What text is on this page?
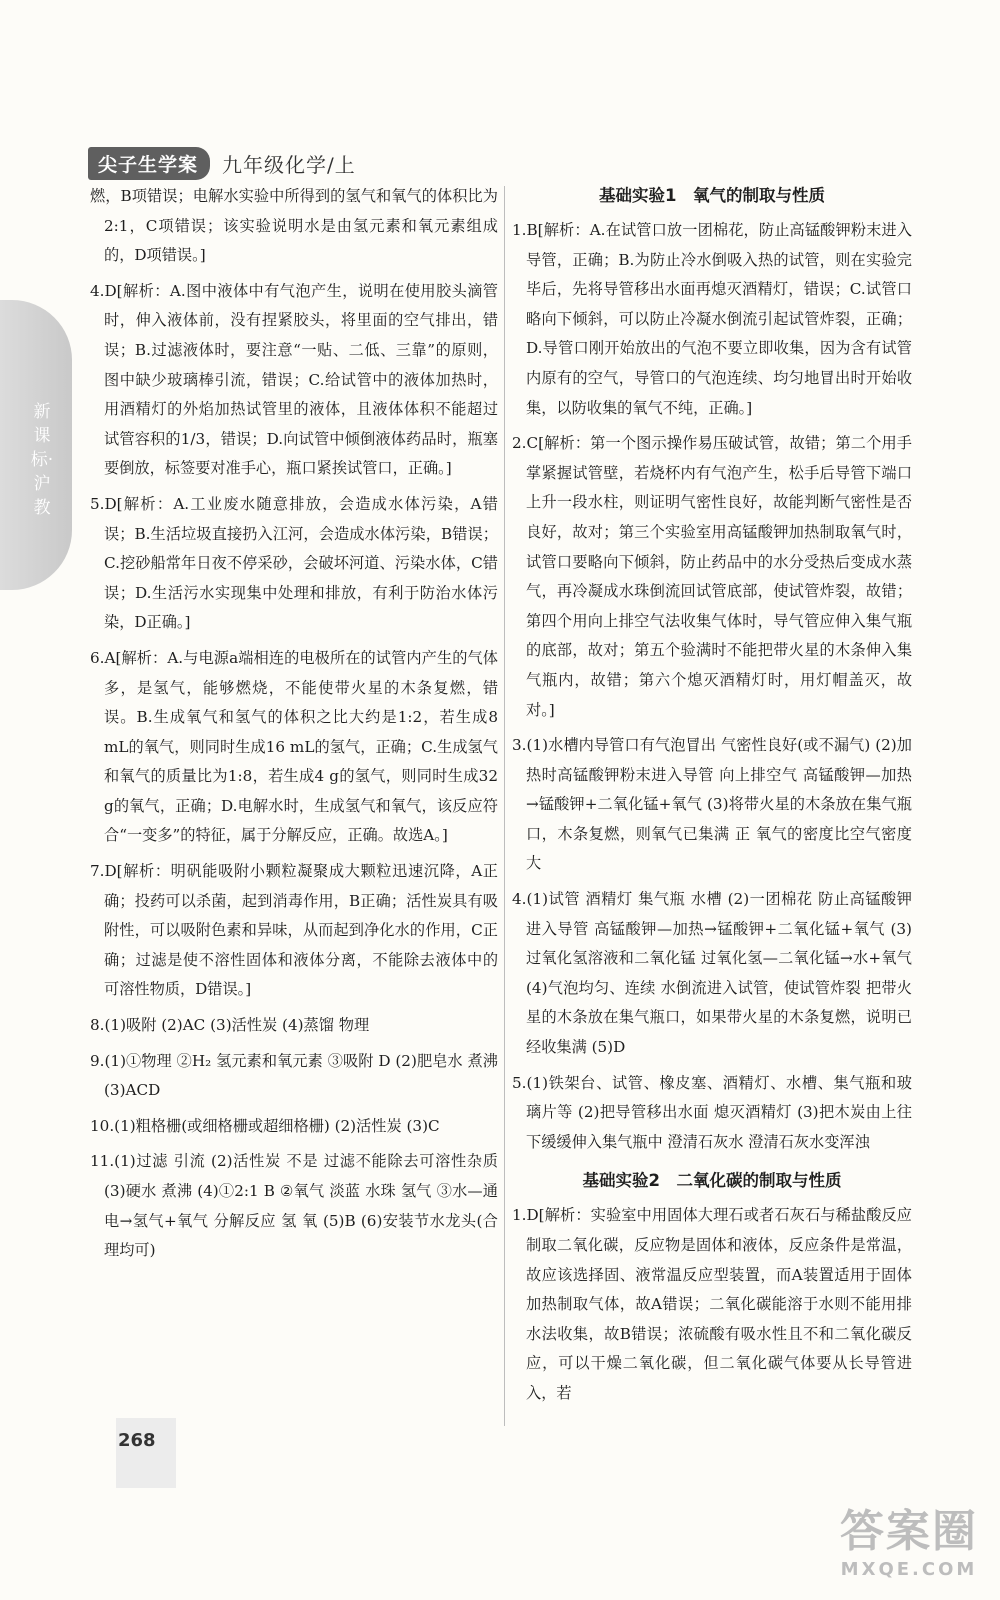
尖子生学案	九年级化学/上
新课标·沪教

燃，B项错误；电解水实验中所得到的氢气和氧气的体积比为2:1，C项错误；该实验说明水是由氢元素和氧元素组成的，D项错误。]

4.D[解析：A.图中液体中有气泡产生，说明在使用胶头滴管时，伸入液体前，没有捏紧胶头，将里面的空气排出，错误；B.过滤液体时，要注意“一贴、二低、三靠”的原则，图中缺少玻璃棒引流，错误；C.给试管中的液体加热时，用酒精灯的外焰加热试管里的液体，且液体体积不能超过试管容积的1/3，错误；D.向试管中倾倒液体药品时，瓶塞要倒放，标签要对准手心，瓶口紧挨试管口，正确。]

5.D[解析：A.工业废水随意排放，会造成水体污染，A错误；B.生活垃圾直接扔入江河，会造成水体污染，B错误；C.挖砂船常年日夜不停采砂，会破坏河道、污染水体，C错误；D.生活污水实现集中处理和排放，有利于防治水体污染，D正确。]

6.A[解析：A.与电源a端相连的电极所在的试管内产生的气体多，是氢气，能够燃烧，不能使带火星的木条复燃，错误。B.生成氧气和氢气的体积之比大约是1:2，若生成8 mL的氧气，则同时生成16 mL的氢气，正确；C.生成氢气和氧气的质量比为1:8，若生成4 g的氢气，则同时生成32 g的氧气，正确；D.电解水时，生成氢气和氧气，该反应符合“一变多”的特征，属于分解反应，正确。故选A。]

7.D[解析：明矾能吸附小颗粒凝聚成大颗粒迅速沉降，A正确；投药可以杀菌，起到消毒作用，B正确；活性炭具有吸附性，可以吸附色素和异味，从而起到净化水的作用，C正确；过滤是使不溶性固体和液体分离，不能除去液体中的可溶性物质，D错误。]

8.(1)吸附 (2)AC (3)活性炭 (4)蒸馏 物理

9.(1)①物理 ②H₂ 氢元素和氧元素 ③吸附 D (2)肥皂水 煮沸 (3)ACD

10.(1)粗格栅(或细格栅或超细格栅) (2)活性炭 (3)C

11.(1)过滤 引流 (2)活性炭 不是 过滤不能除去可溶性杂质 (3)硬水 煮沸 (4)①2:1 B ②氧气 淡蓝 水珠 氢气 ③水—通电→氢气+氧气 分解反应 氢 氧 (5)B (6)安装节水龙头(合理均可)

基础实验1　氧气的制取与性质

1.B[解析：A.在试管口放一团棉花，防止高锰酸钾粉末进入导管，正确；B.为防止冷水倒吸入热的试管，则在实验完毕后，先将导管移出水面再熄灭酒精灯，错误；C.试管口略向下倾斜，可以防止冷凝水倒流引起试管炸裂，正确；D.导管口刚开始放出的气泡不要立即收集，因为含有试管内原有的空气，导管口的气泡连续、均匀地冒出时开始收集，以防收集的氧气不纯，正确。]

2.C[解析：第一个图示操作易压破试管，故错；第二个用手掌紧握试管壁，若烧杯内有气泡产生，松手后导管下端口上升一段水柱，则证明气密性良好，故能判断气密性是否良好，故对；第三个实验室用高锰酸钾加热制取氧气时，试管口要略向下倾斜，防止药品中的水分受热后变成水蒸气，再冷凝成水珠倒流回试管底部，使试管炸裂，故错；第四个用向上排空气法收集气体时，导气管应伸入集气瓶的底部，故对；第五个验满时不能把带火星的木条伸入集气瓶内，故错；第六个熄灭酒精灯时，用灯帽盖灭，故对。]

3.(1)水槽内导管口有气泡冒出 气密性良好(或不漏气) (2)加热时高锰酸钾粉末进入导管 向上排空气 高锰酸钾—加热→锰酸钾+二氧化锰+氧气 (3)将带火星的木条放在集气瓶口，木条复燃，则氧气已集满 正 氧气的密度比空气密度大

4.(1)试管 酒精灯 集气瓶 水槽 (2)一团棉花 防止高锰酸钾进入导管 高锰酸钾—加热→锰酸钾+二氧化锰+氧气 (3)过氧化氢溶液和二氧化锰 过氧化氢—二氧化锰→水+氧气 (4)气泡均匀、连续 水倒流进入试管，使试管炸裂 把带火星的木条放在集气瓶口，如果带火星的木条复燃，说明已经收集满 (5)D

5.(1)铁架台、试管、橡皮塞、酒精灯、水槽、集气瓶和玻璃片等 (2)把导管移出水面 熄灭酒精灯 (3)把木炭由上往下缓缓伸入集气瓶中 澄清石灰水 澄清石灰水变浑浊

基础实验2　二氧化碳的制取与性质

1.D[解析：实验室中用固体大理石或者石灰石与稀盐酸反应制取二氧化碳，反应物是固体和液体，反应条件是常温，故应该选择固、液常温反应型装置，而A装置适用于固体加热制取气体，故A错误；二氧化碳能溶于水则不能用排水法收集，故B错误；浓硫酸有吸水性且不和二氧化碳反应，可以干燥二氧化碳，但二氧化碳气体要从长导管进入，若

268
答案圈
MXQE.COM
